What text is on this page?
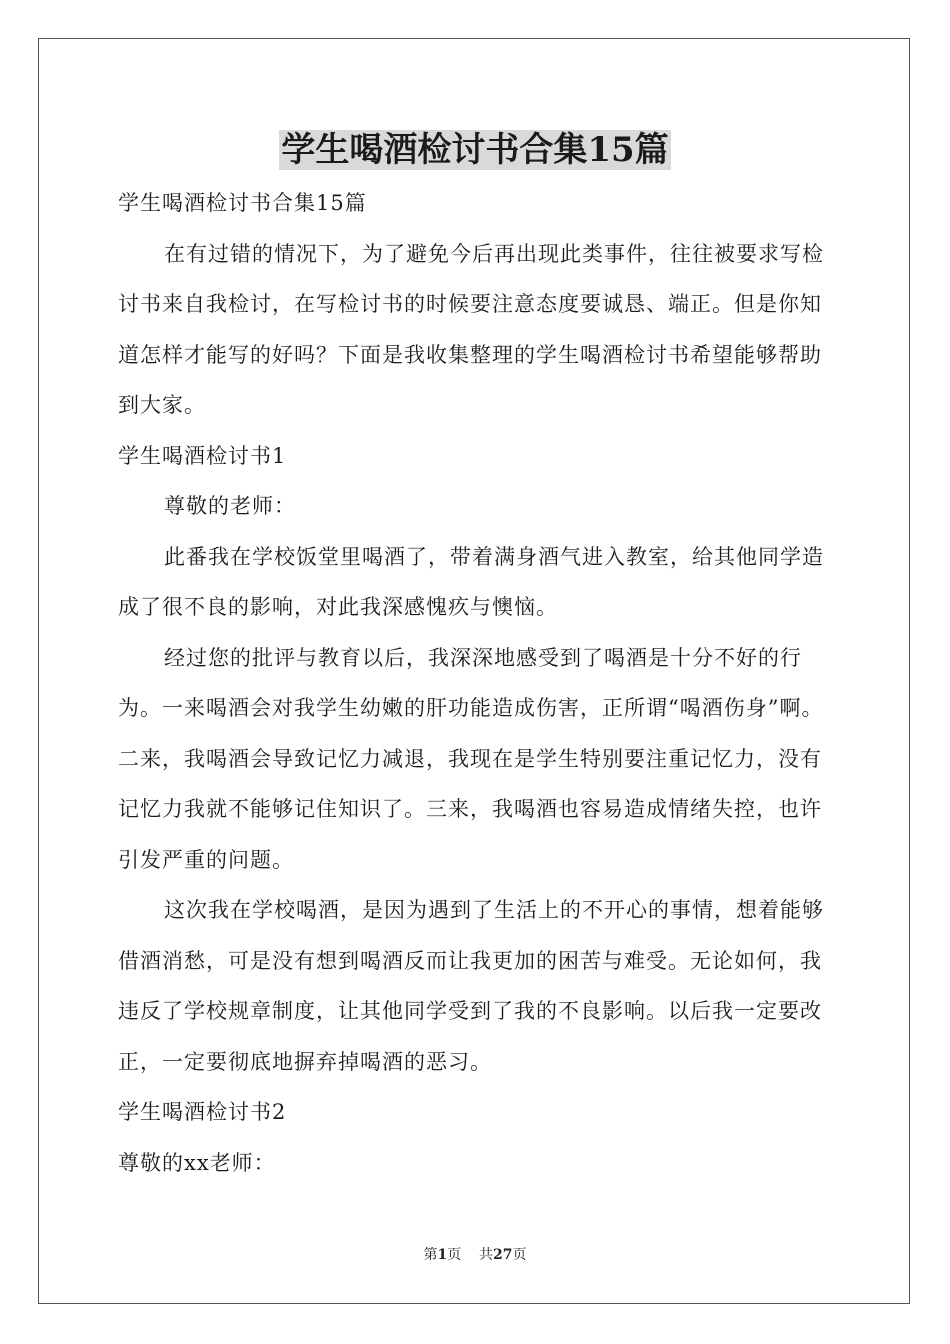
学生喝酒检讨书合集15篇

学生喝酒检讨书合集15篇

在有过错的情况下，为了避免今后再出现此类事件，往往被要求写检讨书来自我检讨，在写检讨书的时候要注意态度要诚恳、端正。但是你知道怎样才能写的好吗？下面是我收集整理的学生喝酒检讨书希望能够帮助到大家。

学生喝酒检讨书1

尊敬的老师：

此番我在学校饭堂里喝酒了，带着满身酒气进入教室，给其他同学造成了很不良的影响，对此我深感愧疚与懊恼。

经过您的批评与教育以后，我深深地感受到了喝酒是十分不好的行为。一来喝酒会对我学生幼嫩的肝功能造成伤害，正所谓“喝酒伤身”啊。二来，我喝酒会导致记忆力减退，我现在是学生特别要注重记忆力，没有记忆力我就不能够记住知识了。三来，我喝酒也容易造成情绪失控，也许引发严重的问题。

这次我在学校喝酒，是因为遇到了生活上的不开心的事情，想着能够借酒消愁，可是没有想到喝酒反而让我更加的困苦与难受。无论如何，我违反了学校规章制度，让其他同学受到了我的不良影响。以后我一定要改正，一定要彻底地摒弃掉喝酒的恶习。

学生喝酒检讨书2

尊敬的xx老师：

第1页 共27页
